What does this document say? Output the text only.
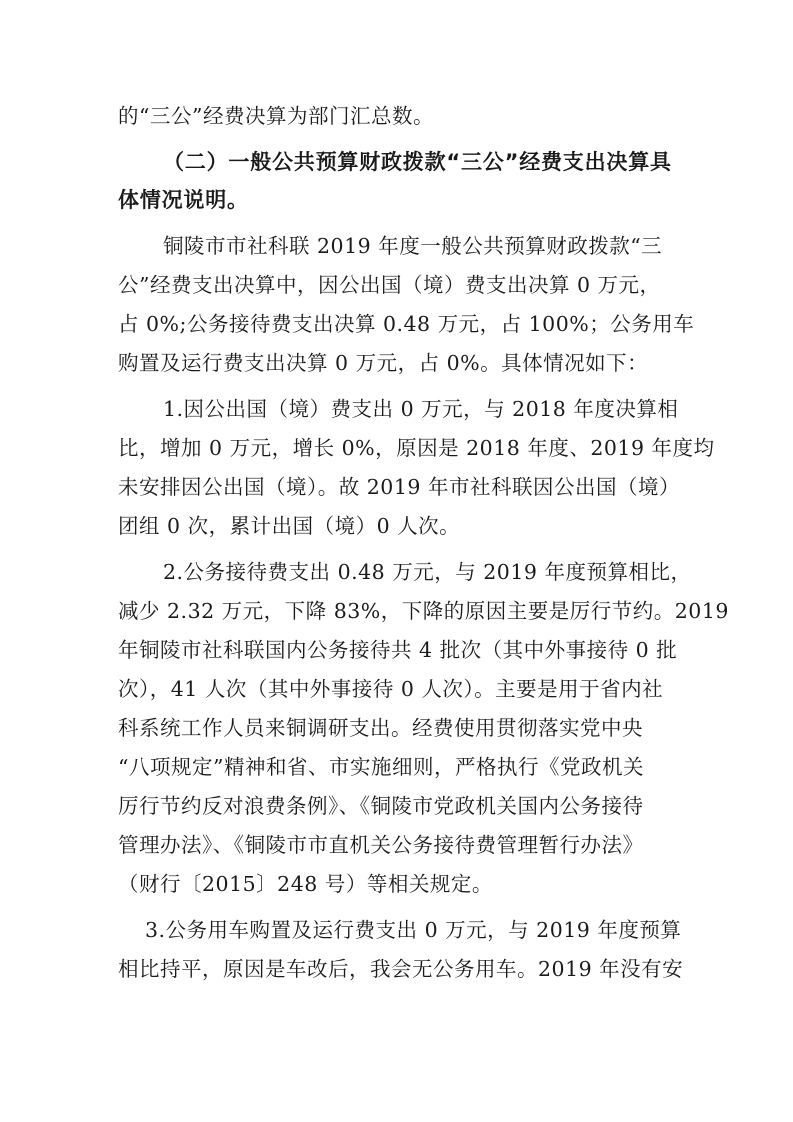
的“三公”经费决算为部门汇总数。
（二）一般公共预算财政拨款“三公”经费支出决算具
体情况说明。
铜陵市市社科联 2019 年度一般公共预算财政拨款“三
公”经费支出决算中，因公出国（境）费支出决算 0 万元，
占 0%;公务接待费支出决算 0.48 万元，占 100%；公务用车
购置及运行费支出决算 0 万元，占 0%。具体情况如下：
1.因公出国（境）费支出 0 万元，与 2018 年度决算相
比，增加 0 万元，增长 0%，原因是 2018 年度、2019 年度均
未安排因公出国（境）。故 2019 年市社科联因公出国（境）
团组 0 次，累计出国（境）0 人次。
2.公务接待费支出 0.48 万元，与 2019 年度预算相比，
减少 2.32 万元，下降 83%，下降的原因主要是厉行节约。2019
年铜陵市社科联国内公务接待共 4 批次（其中外事接待 0 批
次），41 人次（其中外事接待 0 人次）。主要是用于省内社
科系统工作人员来铜调研支出。经费使用贯彻落实党中央
“八项规定”精神和省、市实施细则，严格执行《党政机关
厉行节约反对浪费条例》、《铜陵市党政机关国内公务接待
管理办法》、《铜陵市市直机关公务接待费管理暂行办法》
（财行〔2015〕248 号）等相关规定。
3.公务用车购置及运行费支出 0 万元，与 2019 年度预算
相比持平，原因是车改后，我会无公务用车。2019 年没有安
